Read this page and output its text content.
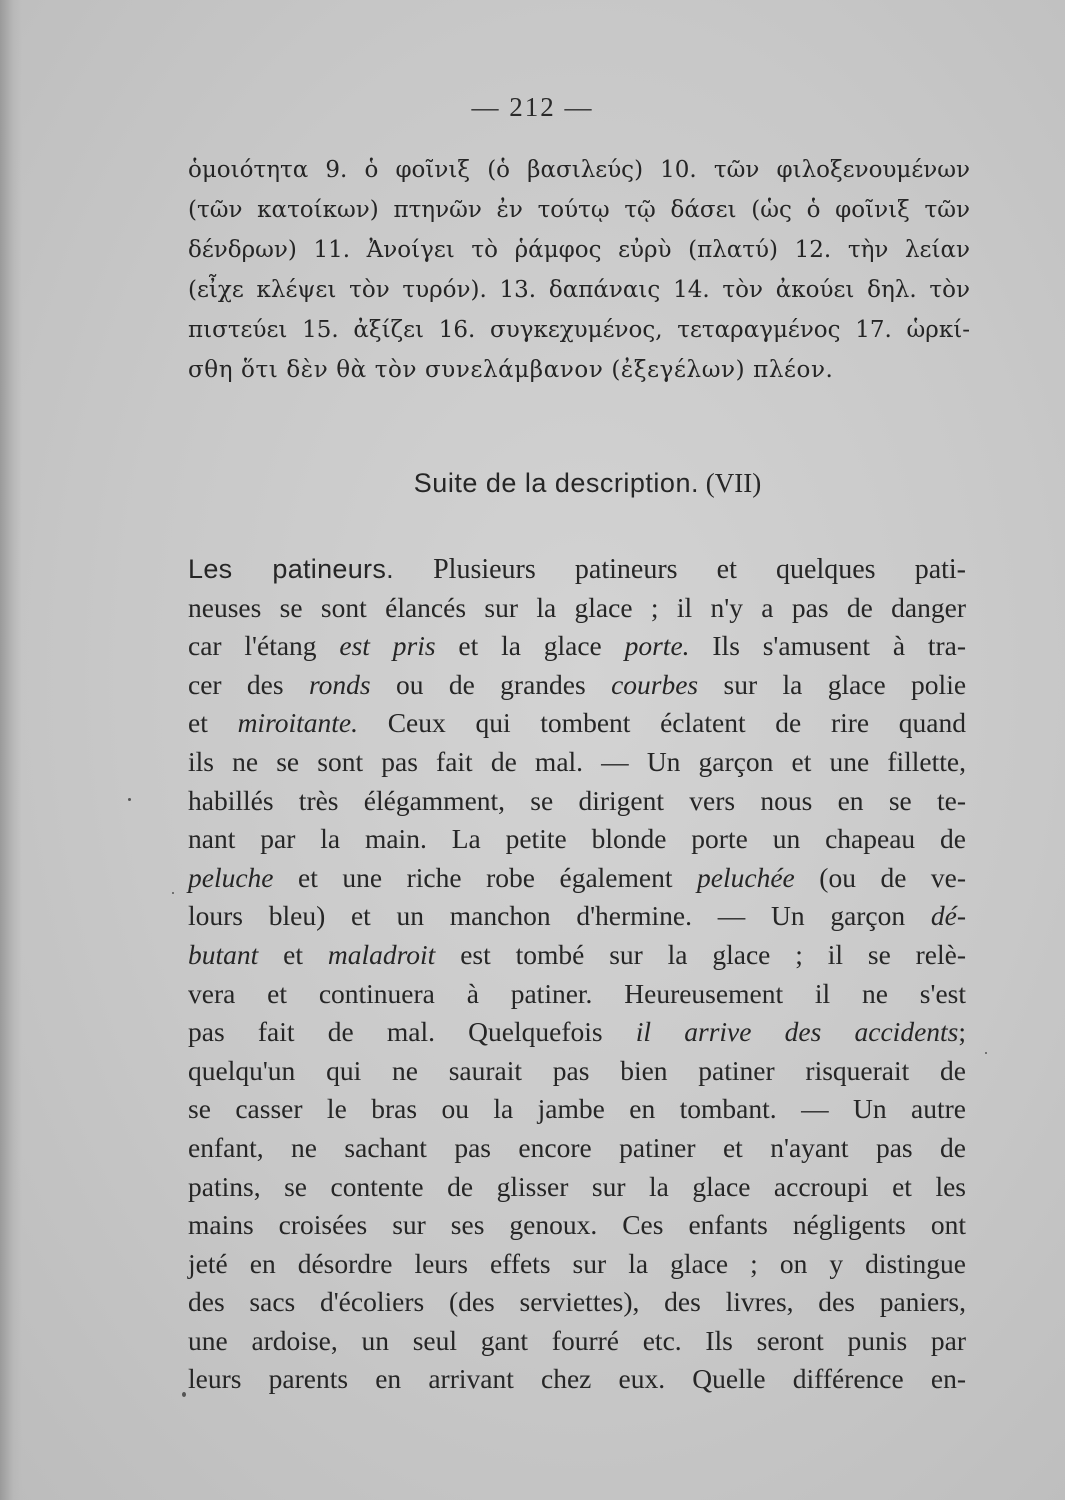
— 212 —
ὁμοιότητα 9. ὁ φοῖνιξ (ὁ βασιλεύς) 10. τῶν φιλοξενουμένων
(τῶν κατοίκων) πτηνῶν ἐν τούτῳ τῷ δάσει (ὡς ὁ φοῖνιξ τῶν
δένδρων) 11. Ἀνοίγει τὸ ῥάμφος εὐρὺ (πλατύ) 12. τὴν λείαν
(εἶχε κλέψει τὸν τυρόν). 13. δαπάναις 14. τὸν ἀκούει δηλ. τὸν
πιστεύει 15. ἀξίζει 16. συγκεχυμένος, τεταραγμένος 17. ὡρκί-
σθη ὅτι δὲν θὰ τὸν συνελάμβανον (ἐξεγέλων) πλέον.
Suite de la description. (VII)
Les patineurs. Plusieurs patineurs et quelques pati-
neuses se sont élancés sur la glace ; il n'y a pas de danger
car l'étang est pris et la glace porte. Ils s'amusent à tra-
cer des ronds ou de grandes courbes sur la glace polie
et miroitante. Ceux qui tombent éclatent de rire quand
ils ne se sont pas fait de mal. — Un garçon et une fillette,
habillés très élégamment, se dirigent vers nous en se te-
nant par la main. La petite blonde porte un chapeau de
peluche et une riche robe également peluchée (ou de ve-
lours bleu) et un manchon d'hermine. — Un garçon dé-
butant et maladroit est tombé sur la glace ; il se relè-
vera et continuera à patiner. Heureusement il ne s'est
pas fait de mal. Quelquefois il arrive des accidents;
quelqu'un qui ne saurait pas bien patiner risquerait de
se casser le bras ou la jambe en tombant. — Un autre
enfant, ne sachant pas encore patiner et n'ayant pas de
patins, se contente de glisser sur la glace accroupi et les
mains croisées sur ses genoux. Ces enfants négligents ont
jeté en désordre leurs effets sur la glace ; on y distingue
des sacs d'écoliers (des serviettes), des livres, des paniers,
une ardoise, un seul gant fourré etc. Ils seront punis par
leurs parents en arrivant chez eux. Quelle différence en-
